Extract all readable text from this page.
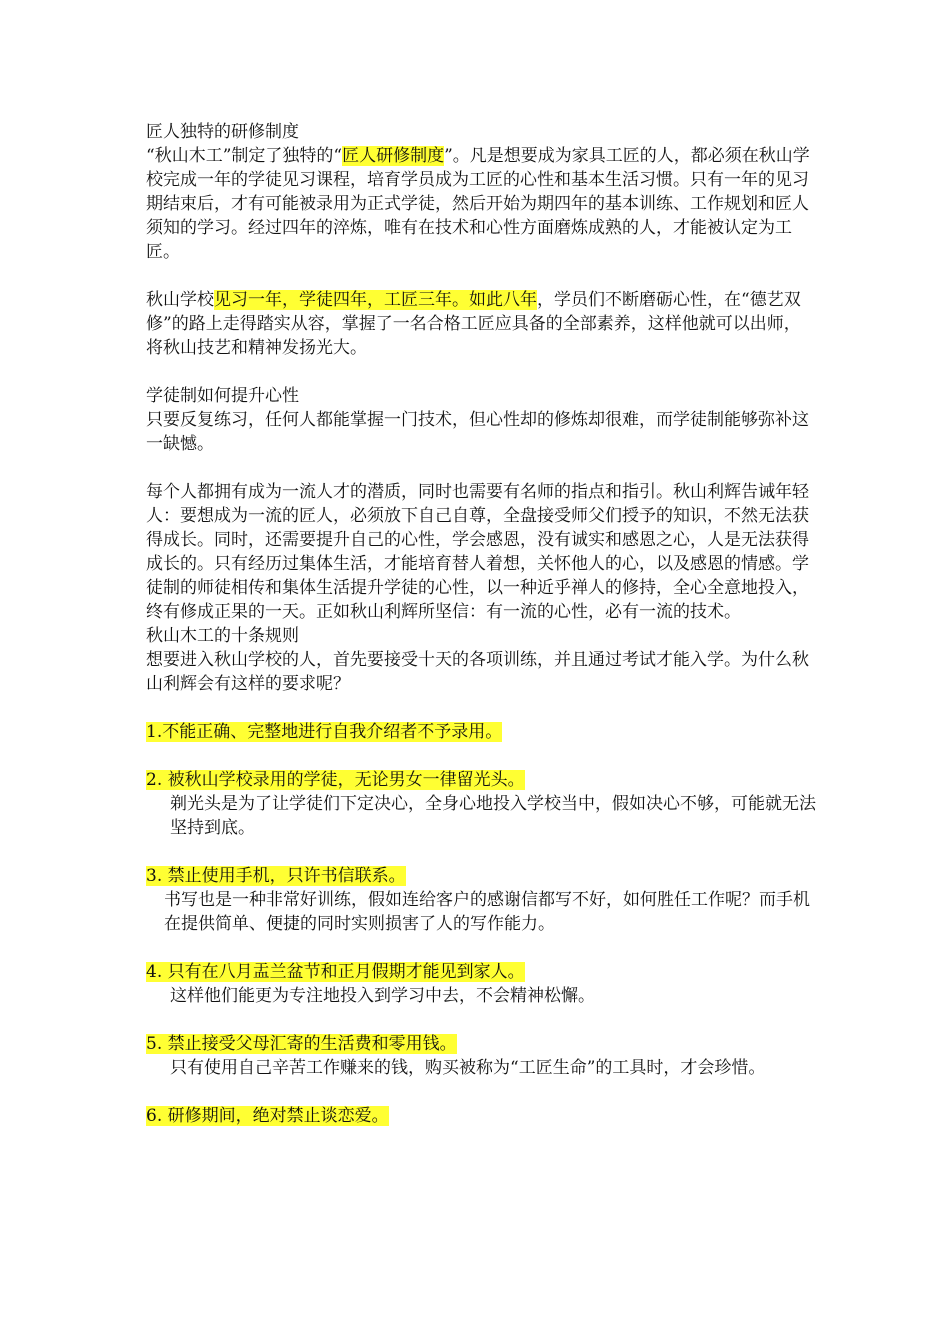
匠人独特的研修制度

“秋山木工”制定了独特的“匠人研修制度”。凡是想要成为家具工匠的人，都必须在秋山学校完成一年的学徒见习课程，培育学员成为工匠的心性和基本生活习惯。只有一年的见习期结束后，才有可能被录用为正式学徒，然后开始为期四年的基本训练、工作规划和匠人须知的学习。经过四年的淬炼，唯有在技术和心性方面磨炼成熟的人，才能被认定为工匠。

秋山学校见习一年，学徒四年，工匠三年。如此八年，学员们不断磨砺心性，在“德艺双修”的路上走得踏实从容，掌握了一名合格工匠应具备的全部素养，这样他就可以出师，将秋山技艺和精神发扬光大。

学徒制如何提升心性

只要反复练习，任何人都能掌握一门技术，但心性却的修炼却很难，而学徒制能够弥补这一缺憾。

每个人都拥有成为一流人才的潜质，同时也需要有名师的指点和指引。秋山利辉告诫年轻人：要想成为一流的匠人，必须放下自己自尊，全盘接受师父们授予的知识，不然无法获得成长。同时，还需要提升自己的心性，学会感恩，没有诚实和感恩之心，人是无法获得成长的。只有经历过集体生活，才能培育替人着想，关怀他人的心，以及感恩的情感。学徒制的师徒相传和集体生活提升学徒的心性，以一种近乎禅人的修持，全心全意地投入，终有修成正果的一天。正如秋山利辉所坚信：有一流的心性，必有一流的技术。

秋山木工的十条规则

想要进入秋山学校的人，首先要接受十天的各项训练，并且通过考试才能入学。为什么秋山利辉会有这样的要求呢？

1.不能正确、完整地进行自我介绍者不予录用。

2. 被秋山学校录用的学徒，无论男女一律留光头。

剃光头是为了让学徒们下定决心，全身心地投入学校当中，假如决心不够，可能就无法坚持到底。

3. 禁止使用手机，只许书信联系。

书写也是一种非常好训练，假如连给客户的感谢信都写不好，如何胜任工作呢？而手机在提供简单、便捷的同时实则损害了人的写作能力。

4. 只有在八月盂兰盆节和正月假期才能见到家人。

这样他们能更为专注地投入到学习中去，不会精神松懈。

5. 禁止接受父母汇寄的生活费和零用钱。

只有使用自己辛苦工作赚来的钱，购买被称为“工匠生命”的工具时，才会珍惜。

6. 研修期间，绝对禁止谈恋爱。
